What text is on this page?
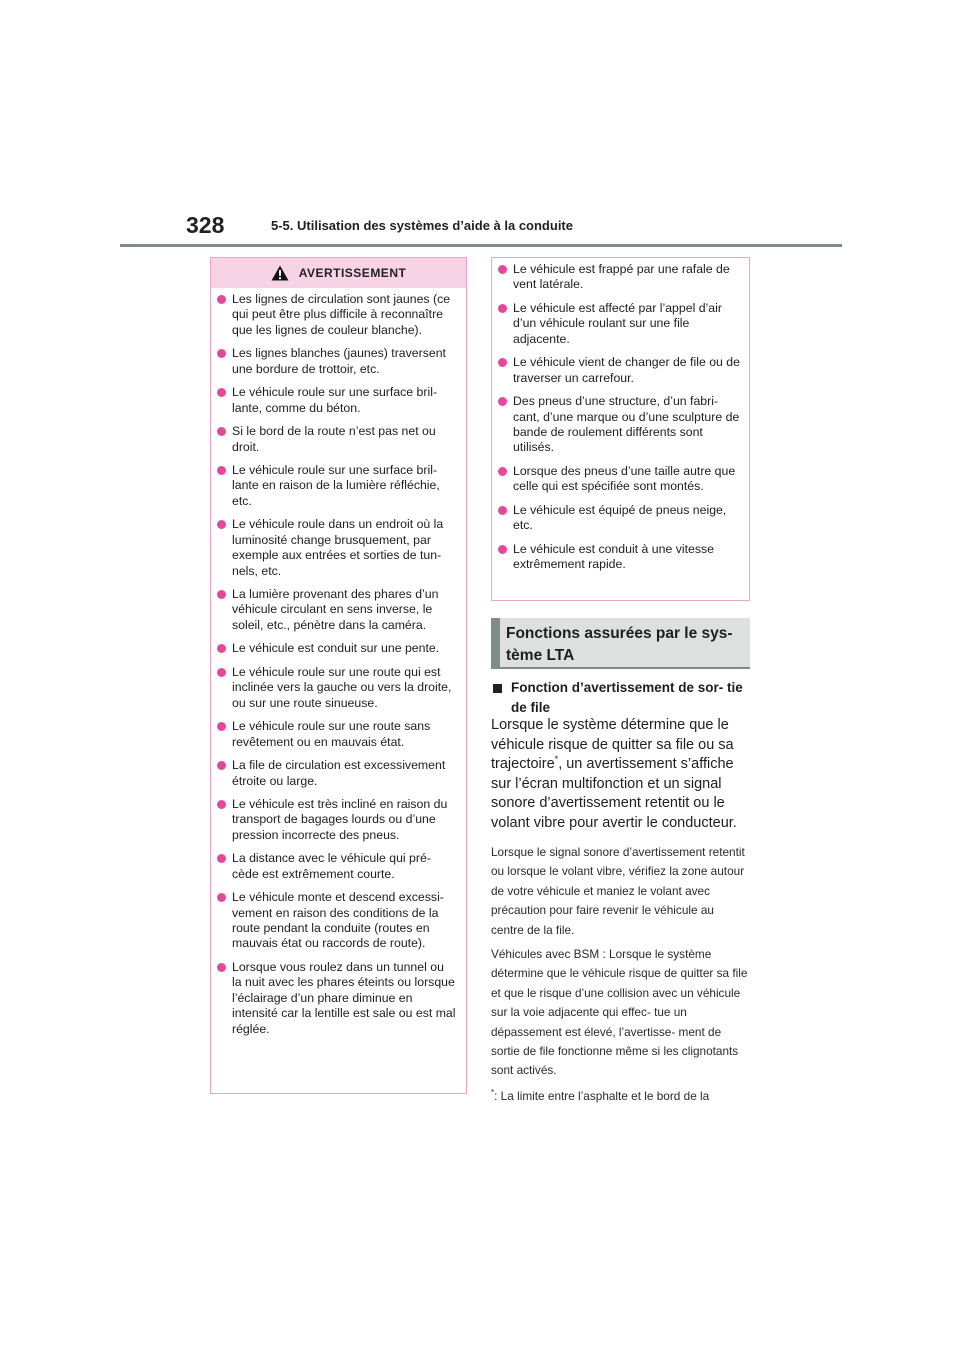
328	5-5. Utilisation des systèmes d’aide à la conduite
AVERTISSEMENT
Les lignes de circulation sont jaunes (ce qui peut être plus difficile à reconnaître que les lignes de couleur blanche).
Les lignes blanches (jaunes) traversent une bordure de trottoir, etc.
Le véhicule roule sur une surface bril- lante, comme du béton.
Si le bord de la route n’est pas net ou droit.
Le véhicule roule sur une surface bril- lante en raison de la lumière réfléchie, etc.
Le véhicule roule dans un endroit où la luminosité change brusquement, par exemple aux entrées et sorties de tun- nels, etc.
La lumière provenant des phares d’un véhicule circulant en sens inverse, le soleil, etc., pénètre dans la caméra.
Le véhicule est conduit sur une pente.
Le véhicule roule sur une route qui est inclinée vers la gauche ou vers la droite, ou sur une route sinueuse.
Le véhicule roule sur une route sans revêtement ou en mauvais état.
La file de circulation est excessivement étroite ou large.
Le véhicule est très incliné en raison du transport de bagages lourds ou d’une pression incorrecte des pneus.
La distance avec le véhicule qui pré- cède est extrêmement courte.
Le véhicule monte et descend excessi- vement en raison des conditions de la route pendant la conduite (routes en mauvais état ou raccords de route).
Lorsque vous roulez dans un tunnel ou la nuit avec les phares éteints ou lorsque l’éclairage d’un phare diminue en intensité car la lentille est sale ou est mal réglée.
Le véhicule est frappé par une rafale de vent latérale.
Le véhicule est affecté par l’appel d’air d’un véhicule roulant sur une file adjacente.
Le véhicule vient de changer de file ou de traverser un carrefour.
Des pneus d’une structure, d’un fabri- cant, d’une marque ou d’une sculpture de bande de roulement différents sont utilisés.
Lorsque des pneus d’une taille autre que celle qui est spécifiée sont montés.
Le véhicule est équipé de pneus neige, etc.
Le véhicule est conduit à une vitesse extrêmement rapide.
Fonctions assurées par le sys- tème LTA
Fonction d’avertissement de sor- tie de file
Lorsque le système détermine que le véhicule risque de quitter sa file ou sa trajectoire*, un avertissement s’affiche sur l’écran multifonction et un signal sonore d’avertissement retentit ou le volant vibre pour avertir le conducteur.
Lorsque le signal sonore d’avertissement retentit ou lorsque le volant vibre, vérifiez la zone autour de votre véhicule et maniez le volant avec précaution pour faire revenir le véhicule au centre de la file.
Véhicules avec BSM : Lorsque le système détermine que le véhicule risque de quitter sa file et que le risque d’une collision avec un véhicule sur la voie adjacente qui effec- tue un dépassement est élevé, l’avertisse- ment de sortie de file fonctionne même si les clignotants sont activés.
*: La limite entre l’asphalte et le bord de la
